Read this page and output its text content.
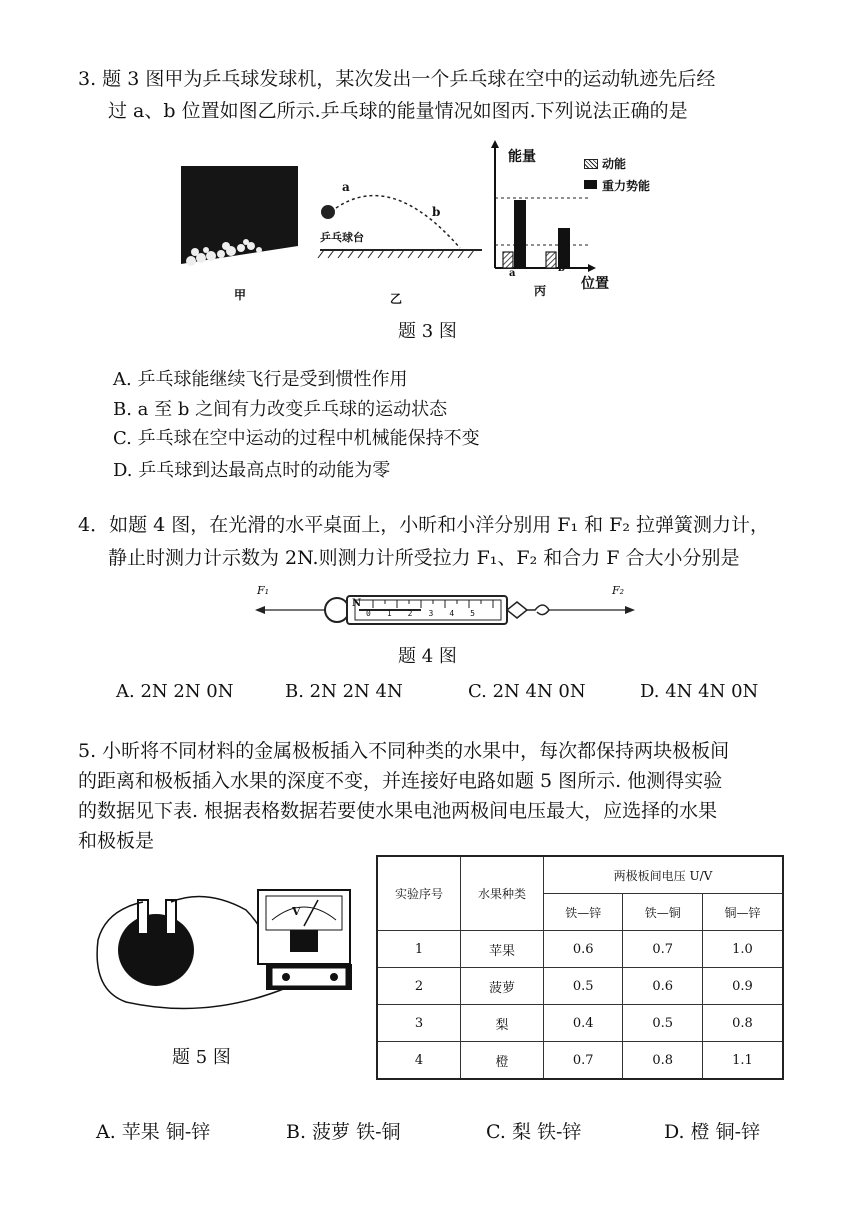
3. 题 3 图甲为乒乓球发球机，某次发出一个乒乓球在空中的运动轨迹先后经
过 a、b 位置如图乙所示.乒乓球的能量情况如图丙.下列说法正确的是
甲
a
b
乒乓球台
乙
能量
位置
a	b
丙
动能
重力势能
题 3 图
A. 乒乓球能继续飞行是受到惯性作用
B. a 至 b 之间有力改变乒乓球的运动状态
C. 乒乓球在空中运动的过程中机械能保持不变
D. 乒乓球到达最高点时的动能为零
4．如题 4 图，在光滑的水平桌面上，小昕和小洋分别用 F₁ 和 F₂ 拉弹簧测力计，
静止时测力计示数为 2N.则测力计所受拉力 F₁、F₂ 和合力 F 合大小分别是
0 1 2 3 4 5
N
F₁	F₂
题 4 图
A. 2N 2N 0N	B. 2N 2N 4N	C. 2N 4N 0N	D. 4N 4N 0N
5. 小昕将不同材料的金属极板插入不同种类的水果中，每次都保持两块极板间
的距离和极板插入水果的深度不变，并连接好电路如题 5 图所示. 他测得实验
的数据见下表. 根据表格数据若要使水果电池两极间电压最大，应选择的水果
和极板是
V
题 5 图
实验序号	水果种类	两极板间电压 U/V		
		铁—锌	铁—铜	铜—锌
1	苹果	0.6	0.7	1.0
2	菠萝	0.5	0.6	0.9
3	梨	0.4	0.5	0.8
4	橙	0.7	0.8	1.1
A. 苹果 铜-锌	B. 菠萝 铁-铜	C. 梨 铁-锌	D. 橙 铜-锌
